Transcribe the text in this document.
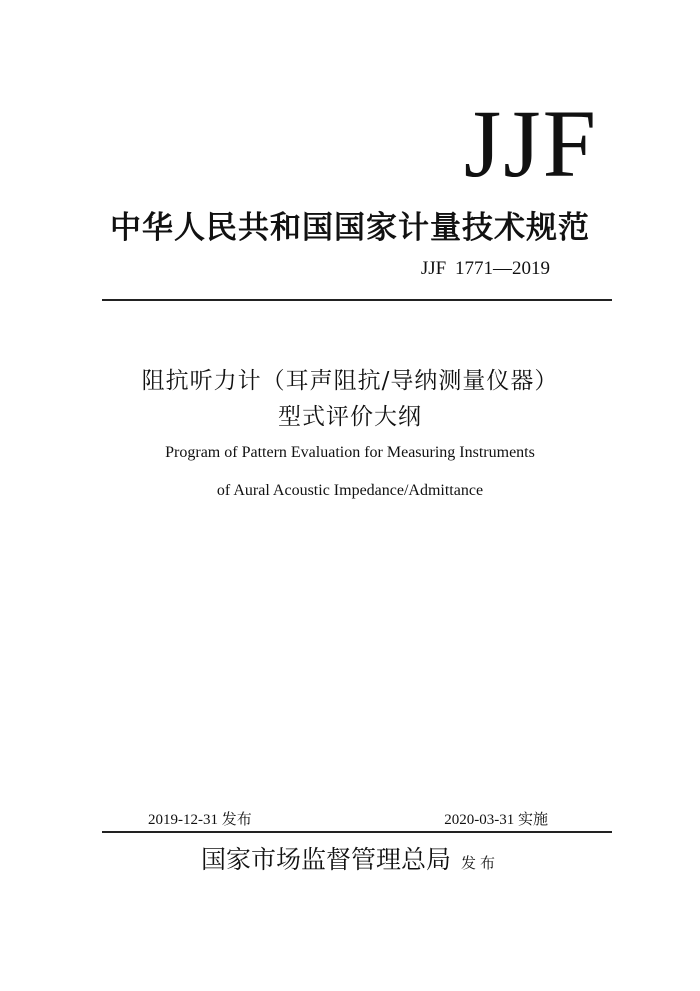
JJF
中华人民共和国国家计量技术规范
JJF 1771—2019
阻抗听力计（耳声阻抗/导纳测量仪器）
型式评价大纲
Program of Pattern Evaluation for Measuring Instruments
of Aural Acoustic Impedance/Admittance
2019-12-31 发布	2020-03-31 实施
国家市场监督管理总局 发布
